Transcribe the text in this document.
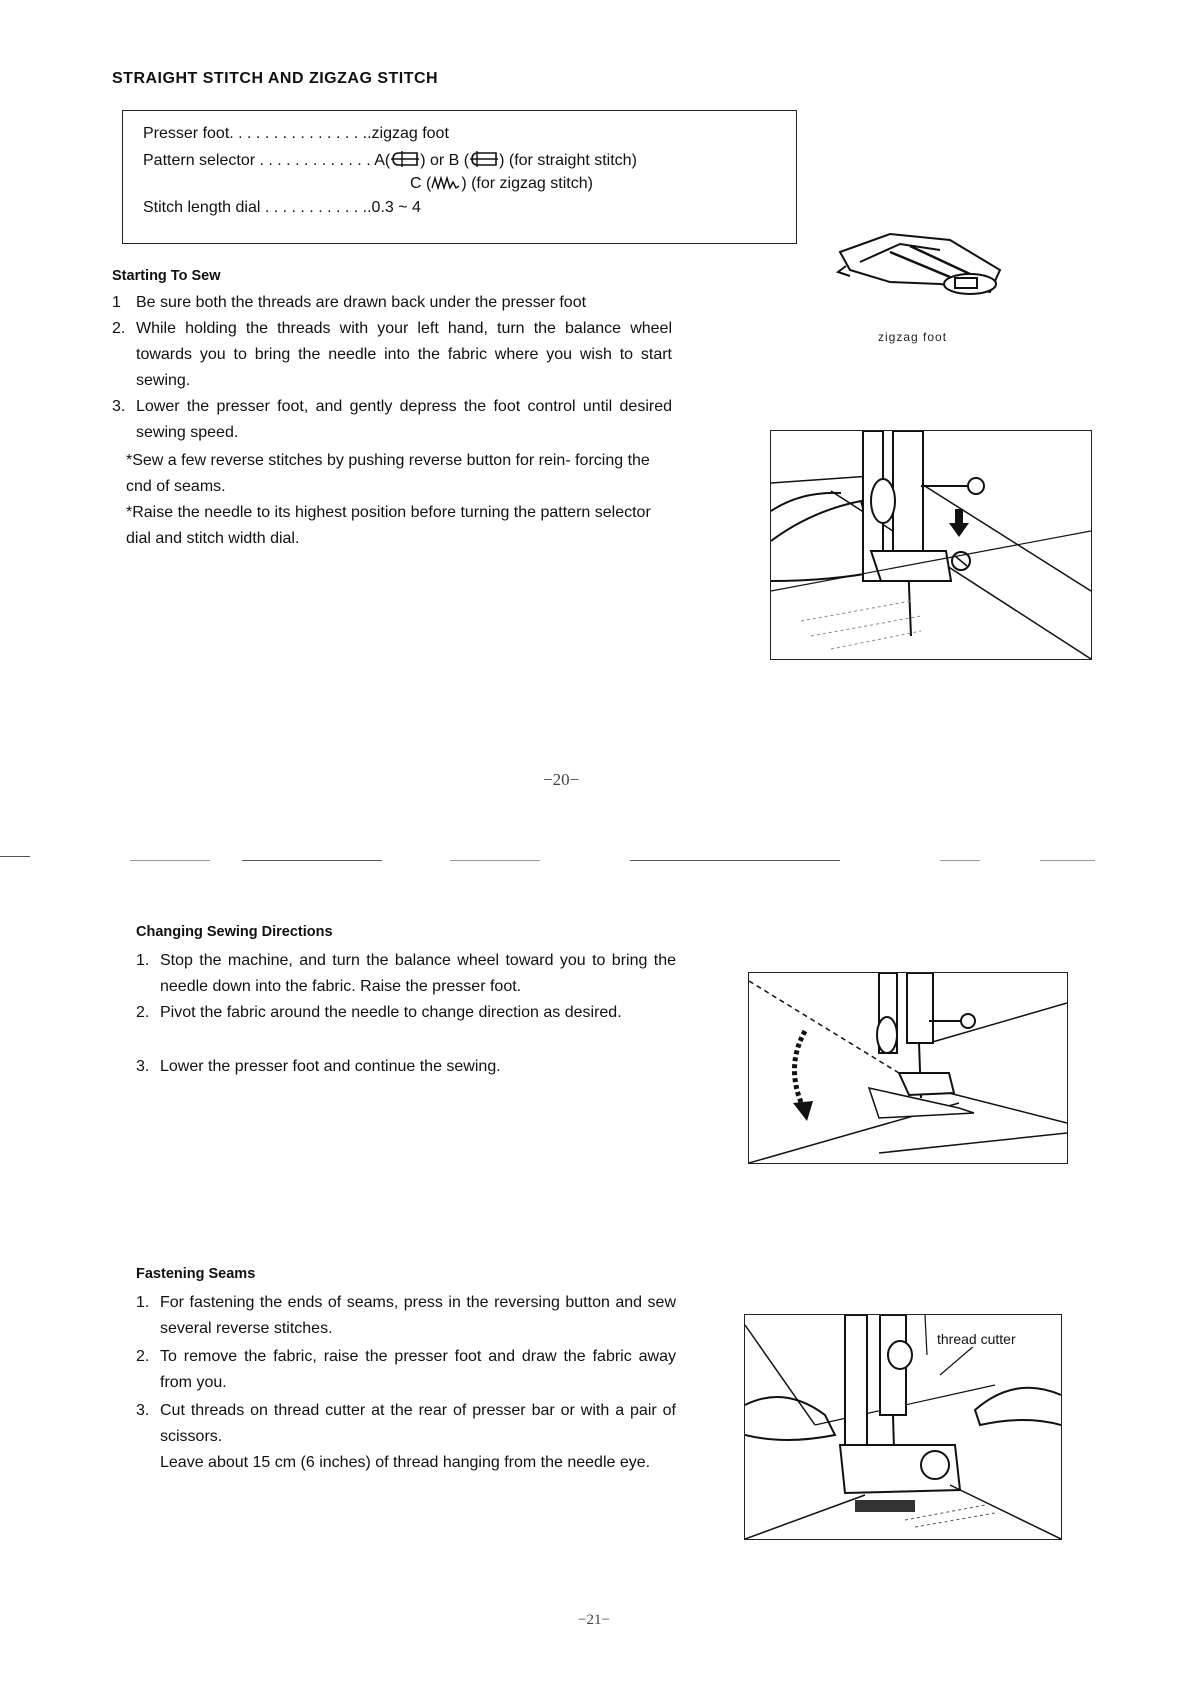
STRAIGHT STITCH AND ZIGZAG STITCH
Presser foot. . . . . . . . . . . . . . . ..zigzag foot
Pattern selector . . . . . . . . . . . . . A( ) or B ( ) (for straight stitch)
C ( ) (for zigzag stitch)
Stitch length dial . . . . . . . . . . . ..0.3 ~ 4
Starting To Sew
1 Be sure both the threads are drawn back under the presser foot
2. While holding the threads with your left hand, turn the balance wheel towards you to bring the needle into the fabric where you wish to start sewing.
3. Lower the presser foot, and gently depress the foot control until desired sewing speed.
*Sew a few reverse stitches by pushing reverse button for rein- forcing the cnd of seams.
*Raise the needle to its highest position before turning the pattern selector dial and stitch width dial.
zigzag foot
−20−
Changing Sewing Directions
1. Stop the machine, and turn the balance wheel toward you to bring the needle down into the fabric. Raise the presser foot.
2. Pivot the fabric around the needle to change direction as desired.
3. Lower the presser foot and continue the sewing.
Fastening Seams
1. For fastening the ends of seams, press in the reversing button and sew several reverse stitches.
2. To remove the fabric, raise the presser foot and draw the fabric away from you.
3. Cut threads on thread cutter at the rear of presser bar or with a pair of scissors.
Leave about 15 cm (6 inches) of thread hanging from the needle eye.
thread cutter
−21−
